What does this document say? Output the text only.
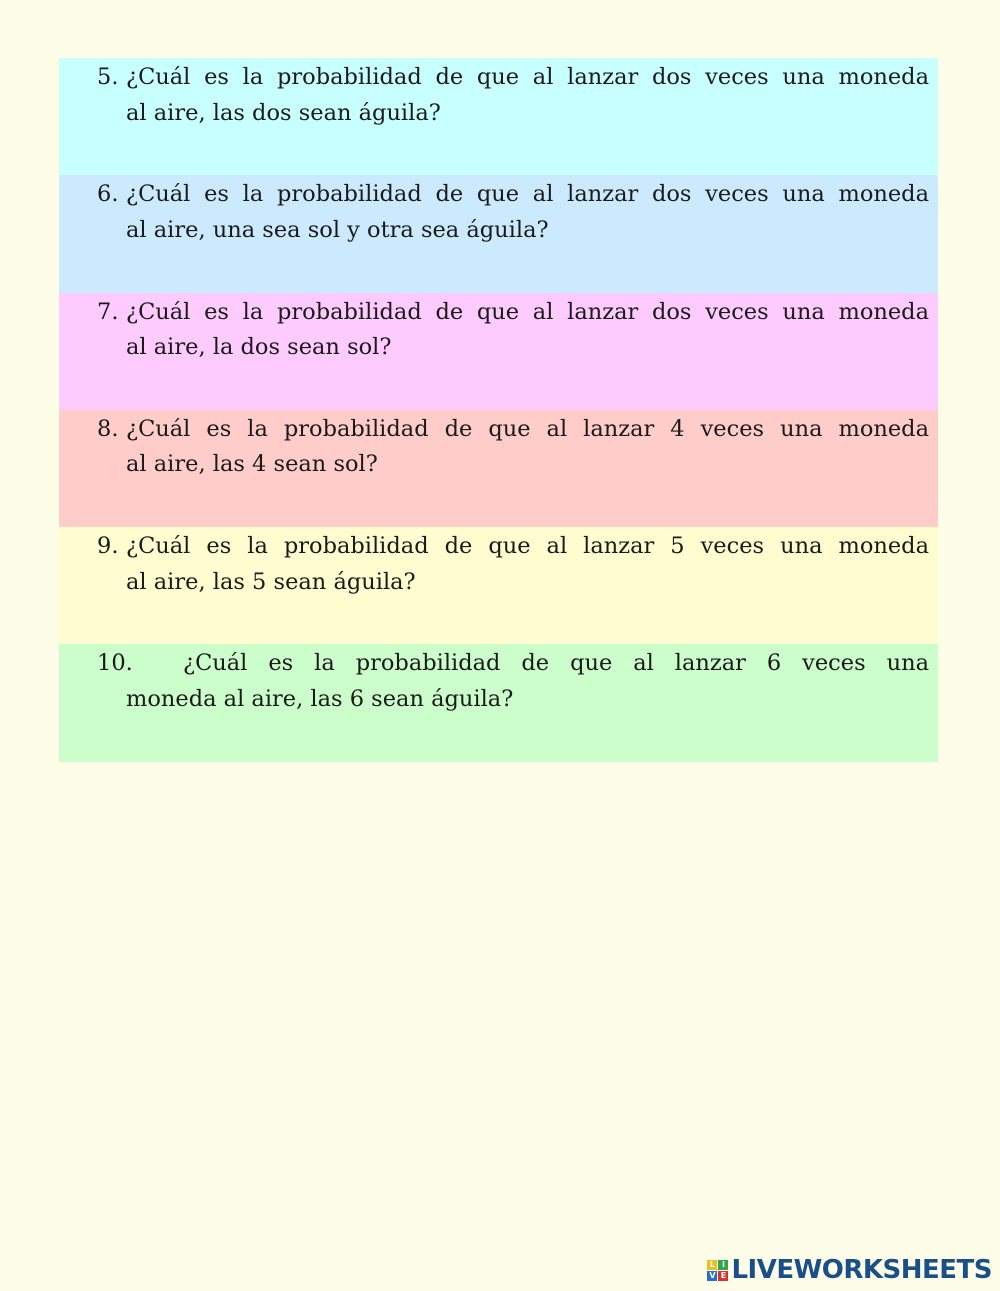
5. ¿Cuál es la probabilidad de que al lanzar dos veces una moneda
al aire, las dos sean águila?
6. ¿Cuál es la probabilidad de que al lanzar dos veces una moneda
al aire, una sea sol y otra sea águila?
7. ¿Cuál es la probabilidad de que al lanzar dos veces una moneda
al aire, la dos sean sol?
8. ¿Cuál es la probabilidad de que al lanzar 4 veces una moneda
al aire, las 4 sean sol?
9. ¿Cuál es la probabilidad de que al lanzar 5 veces una moneda
al aire, las 5 sean águila?
10.	¿Cuál es la probabilidad de que al lanzar 6 veces una
moneda al aire, las 6 sean águila?
L I
V E LIVEWORKSHEETS
